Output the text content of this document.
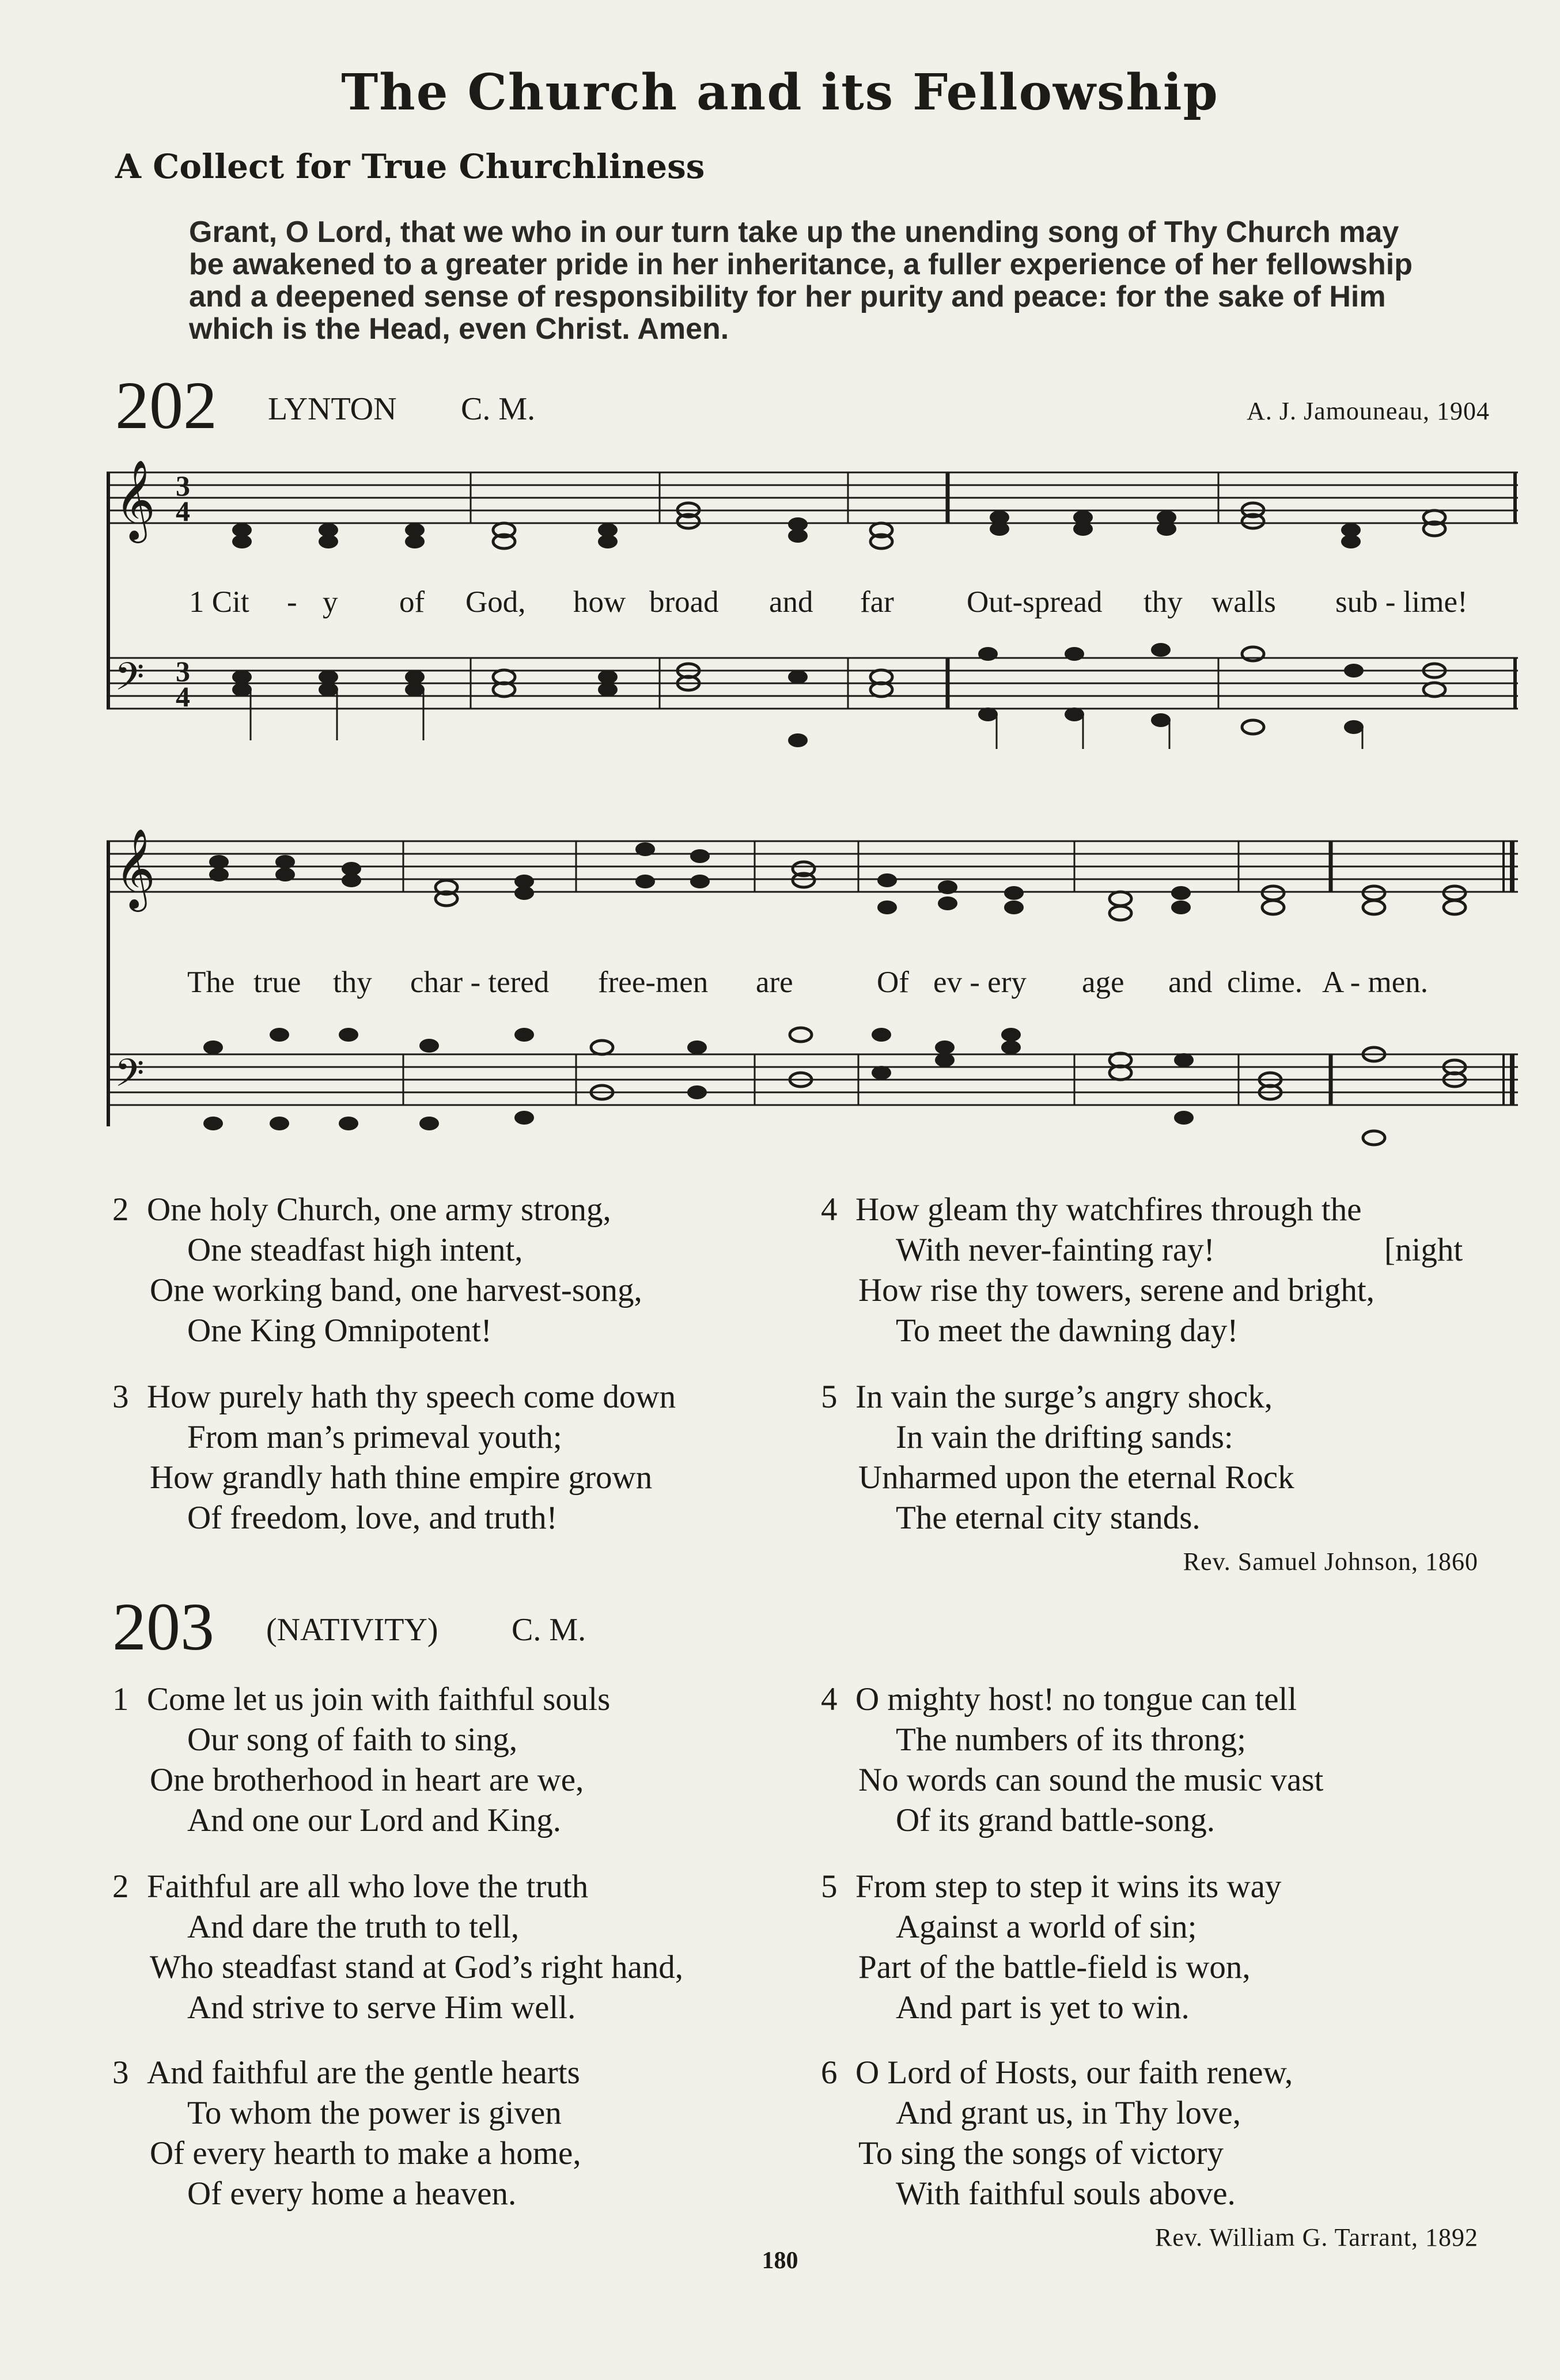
The Church and its Fellowship
A Collect for True Churchliness
Grant, O Lord, that we who in our turn take up the unending song of Thy Church may
be awakened to a greater pride in her inheritance, a fuller experience of her fellowship
and a deepened sense of responsibility for her purity and peace: for the sake of Him
which is the Head, even Christ. Amen.
202 LYNTON C. M.	A. J. Jamouneau, 1904
𝄞
𝄢
3
4
3
4
1 Cit - y of God, how broad and far Out-spread thy walls sub - lime!
𝄞
𝄢
The true thy char - tered free-men are	Of ev - ery age and clime. A - men.
2 One holy Church, one army strong,
One steadfast high intent,
One working band, one harvest-song,
One King Omnipotent!
3 How purely hath thy speech come down
From man’s primeval youth;
How grandly hath thine empire grown
Of freedom, love, and truth!
4 How gleam thy watchfires through the
With never-fainting ray!	[night
How rise thy towers, serene and bright,
To meet the dawning day!
5 In vain the surge’s angry shock,
In vain the drifting sands:
Unharmed upon the eternal Rock
The eternal city stands.
Rev. Samuel Johnson, 1860
203 (NATIVITY) C. M.
1 Come let us join with faithful souls
Our song of faith to sing,
One brotherhood in heart are we,
And one our Lord and King.
2 Faithful are all who love the truth
And dare the truth to tell,
Who steadfast stand at God’s right hand,
And strive to serve Him well.
3 And faithful are the gentle hearts
To whom the power is given
Of every hearth to make a home,
Of every home a heaven.
4 O mighty host! no tongue can tell
The numbers of its throng;
No words can sound the music vast
Of its grand battle-song.
5 From step to step it wins its way
Against a world of sin;
Part of the battle-field is won,
And part is yet to win.
6 O Lord of Hosts, our faith renew,
And grant us, in Thy love,
To sing the songs of victory
With faithful souls above.
Rev. William G. Tarrant, 1892
180
